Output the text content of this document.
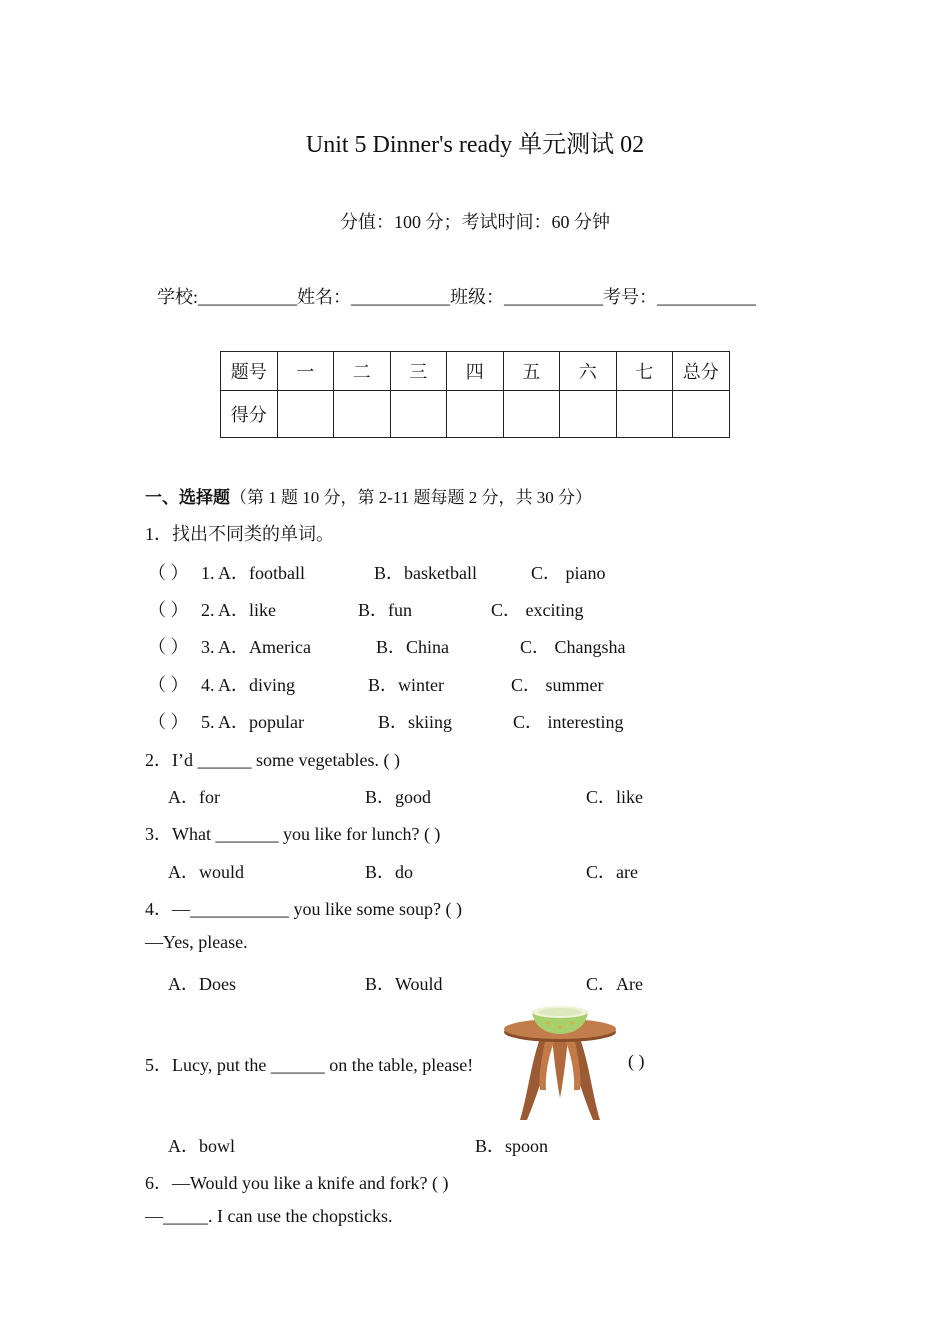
Unit 5 Dinner's ready 单元测试 02
分值：100 分；考试时间：60 分钟
学校:___________姓名：___________班级：___________考号：___________
题号	一	二	三	四	五	六	七	总分
得分								
一、选择题（第 1 题 10 分，第 2-11 题每题 2 分，共 30 分）
1．找出不同类的单词。
（ ） 1. A．football	B．basketball	C． piano
（ ） 2. A．like	B．fun	C． exciting
（ ） 3. A．America	B．China	C． Changsha
（ ） 4. A．diving	B．winter	C． summer
（ ） 5. A．popular	B．skiing	C． interesting
2．I’d ______ some vegetables. ( )
A．for	B．good	C．like
3．What _______ you like for lunch? ( )
A．would	B．do	C．are
4．—___________ you like some soup? ( )
—Yes, please.
A．Does	B．Would	C．Are
5．Lucy, put the ______ on the table, please!	( )
A．bowl	B．spoon
6．—Would you like a knife and fork? ( )
—_____. I can use the chopsticks.
